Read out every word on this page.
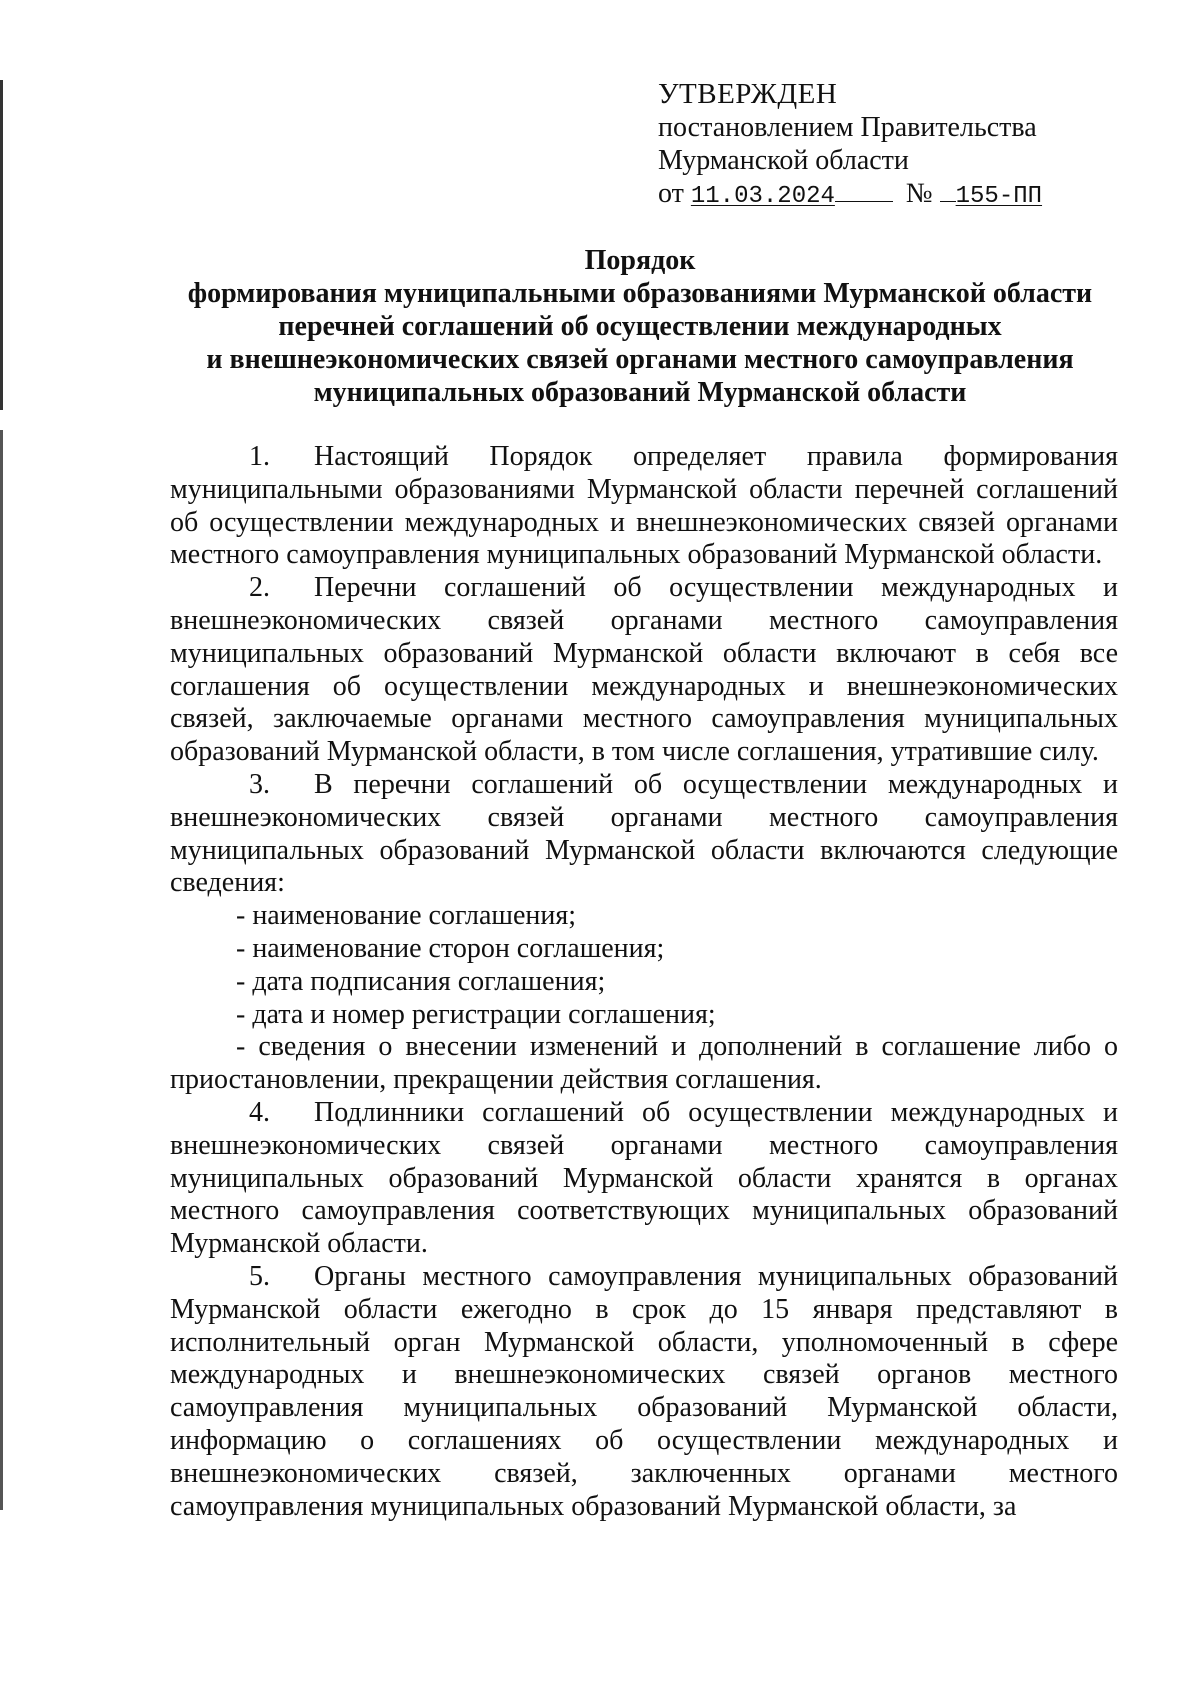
УТВЕРЖДЕН
постановлением Правительства
Мурманской области
от 11.03.2024	№ 155-ПП
Порядок
формирования муниципальными образованиями Мурманской области
перечней соглашений об осуществлении международных
и внешнеэкономических связей органами местного самоуправления
муниципальных образований Мурманской области

1. Настоящий Порядок определяет правила формирования муниципальными образованиями Мурманской области перечней соглашений об осуществлении международных и внешнеэкономических связей органами местного самоуправления муниципальных образований Мурманской области.

2. Перечни соглашений об осуществлении международных и внешнеэкономических связей органами местного самоуправления муниципальных образований Мурманской области включают в себя все соглашения об осуществлении международных и внешнеэкономических связей, заключаемые органами местного самоуправления муниципальных образований Мурманской области, в том числе соглашения, утратившие силу.

3. В перечни соглашений об осуществлении международных и внешнеэкономических связей органами местного самоуправления муниципальных образований Мурманской области включаются следующие сведения:

- наименование соглашения;

- наименование сторон соглашения;

- дата подписания соглашения;

- дата и номер регистрации соглашения;

- сведения о внесении изменений и дополнений в соглашение либо о приостановлении, прекращении действия соглашения.

4. Подлинники соглашений об осуществлении международных и внешнеэкономических связей органами местного самоуправления муниципальных образований Мурманской области хранятся в органах местного самоуправления соответствующих муниципальных образований Мурманской области.

5. Органы местного самоуправления муниципальных образований Мурманской области ежегодно в срок до 15 января представляют в исполнительный орган Мурманской области, уполномоченный в сфере международных и внешнеэкономических связей органов местного самоуправления муниципальных образований Мурманской области, информацию о соглашениях об осуществлении международных и внешнеэкономических связей, заключенных органами местного самоуправления муниципальных образований Мурманской области, за
